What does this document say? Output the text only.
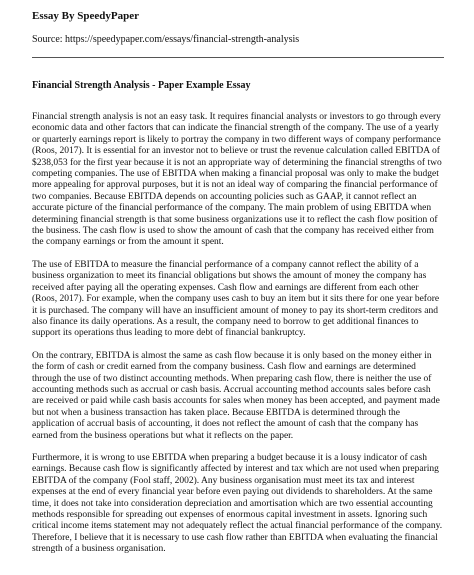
Essay By SpeedyPaper
Source: https://speedypaper.com/essays/financial-strength-analysis
Financial Strength Analysis - Paper Example Essay

Financial strength analysis is not an easy task. It requires financial analysts or investors to go through every economic data and other factors that can indicate the financial strength of the company. The use of a yearly or quarterly earnings report is likely to portray the company in two different ways of company performance (Roos, 2017). It is essential for an investor not to believe or trust the revenue calculation called EBITDA of $238,053 for the first year because it is not an appropriate way of determining the financial strengths of two competing companies. The use of EBITDA when making a financial proposal was only to make the budget more appealing for approval purposes, but it is not an ideal way of comparing the financial performance of two companies. Because EBITDA depends on accounting policies such as GAAP, it cannot reflect an accurate picture of the financial performance of the company. The main problem of using EBITDA when determining financial strength is that some business organizations use it to reflect the cash flow position of the business. The cash flow is used to show the amount of cash that the company has received either from the company earnings or from the amount it spent.

The use of EBITDA to measure the financial performance of a company cannot reflect the ability of a business organization to meet its financial obligations but shows the amount of money the company has received after paying all the operating expenses. Cash flow and earnings are different from each other (Roos, 2017). For example, when the company uses cash to buy an item but it sits there for one year before it is purchased. The company will have an insufficient amount of money to pay its short-term creditors and also finance its daily operations. As a result, the company need to borrow to get additional finances to support its operations thus leading to more debt of financial bankruptcy.

On the contrary, EBITDA is almost the same as cash flow because it is only based on the money either in the form of cash or credit earned from the company business. Cash flow and earnings are determined through the use of two distinct accounting methods. When preparing cash flow, there is neither the use of accounting methods such as accrual or cash basis. Accrual accounting method accounts sales before cash are received or paid while cash basis accounts for sales when money has been accepted, and payment made but not when a business transaction has taken place. Because EBITDA is determined through the application of accrual basis of accounting, it does not reflect the amount of cash that the company has earned from the business operations but what it reflects on the paper.

Furthermore, it is wrong to use EBITDA when preparing a budget because it is a lousy indicator of cash earnings. Because cash flow is significantly affected by interest and tax which are not used when preparing EBITDA of the company (Fool staff, 2002). Any business organisation must meet its tax and interest expenses at the end of every financial year before even paying out dividends to shareholders. At the same time, it does not take into consideration depreciation and amortisation which are two essential accounting methods responsible for spreading out expenses of enormous capital investment in assets. Ignoring such critical income items statement may not adequately reflect the actual financial performance of the company. Therefore, I believe that it is necessary to use cash flow rather than EBITDA when evaluating the financial strength of a business organisation.
